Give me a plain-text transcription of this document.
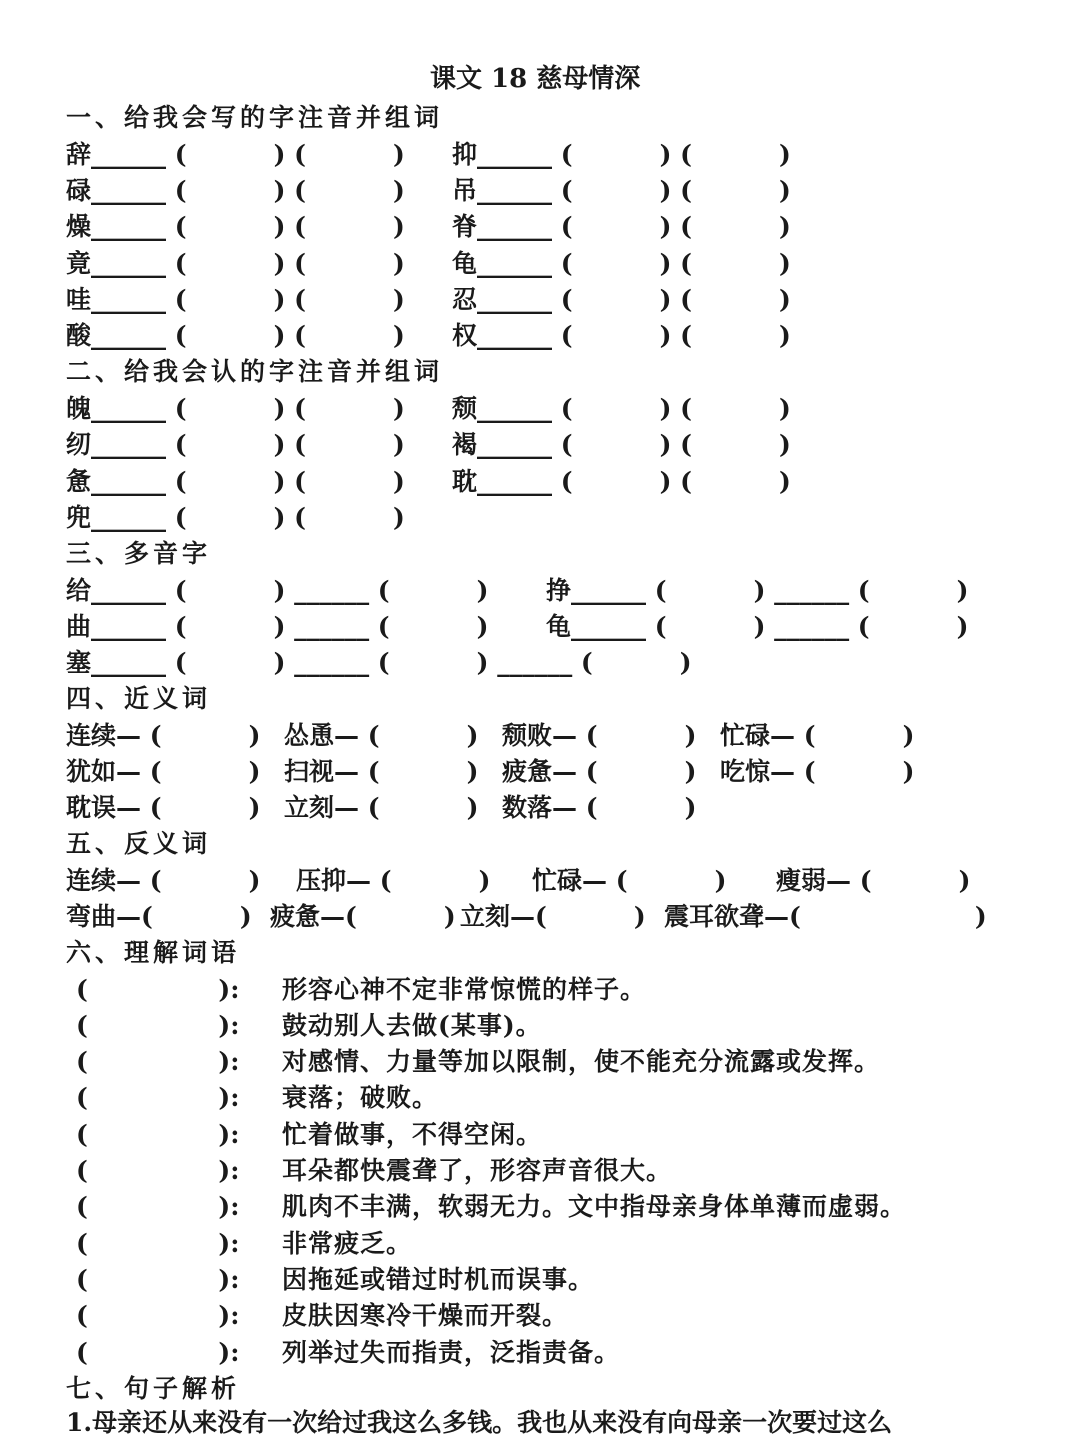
课文 18 慈母情深
一、给我会写的字注音并组词
辞______ (          ) (          ) 抑______ (          ) (          )
碌______ (          ) (          ) 吊______ (          ) (          )
燥______ (          ) (          ) 脊______ (          ) (          )
竟______ (          ) (          ) 龟______ (          ) (          )
哇______ (          ) (          ) 忍______ (          ) (          )
酸______ (          ) (          ) 权______ (          ) (          )
二、给我会认的字注音并组词
魄______ (          ) (          ) 颓______ (          ) (          )
纫______ (          ) (          ) 褐______ (          ) (          )
惫______ (          ) (          ) 耽______ (          ) (          )
兜______ (          ) (          )
三、多音字
给______ (          ) ______ (          ) 挣______ (          ) ______ (          )
曲______ (          ) ______ (          ) 龟______ (          ) ______ (          )
塞______ (          ) ______ (          ) ______ (          )
四、近义词
连续— (          ) 怂恿— (          ) 颓败— (          ) 忙碌— (          )
犹如— (          ) 扫视— (          ) 疲惫— (          ) 吃惊— (          )
耽误— (          ) 立刻— (          ) 数落— (          )
五、反义词
连续— (          ) 压抑— (          ) 忙碌— (          ) 瘦弱— (          )
弯曲—(          ) 疲惫—(          ) 立刻—(          ) 震耳欲聋—(                    )
六、理解词语
(               ): 形容心神不定非常惊慌的样子。
(               ): 鼓动别人去做(某事)。
(               ): 对感情、力量等加以限制，使不能充分流露或发挥。
(               ): 衰落；破败。
(               ): 忙着做事，不得空闲。
(               ): 耳朵都快震聋了，形容声音很大。
(               ): 肌肉不丰满，软弱无力。文中指母亲身体单薄而虚弱。
(               ): 非常疲乏。
(               ): 因拖延或错过时机而误事。
(               ): 皮肤因寒冷干燥而开裂。
(               ): 列举过失而指责，泛指责备。
七、句子解析
1.母亲还从来没有一次给过我这么多钱。我也从来没有向母亲一次要过这么
